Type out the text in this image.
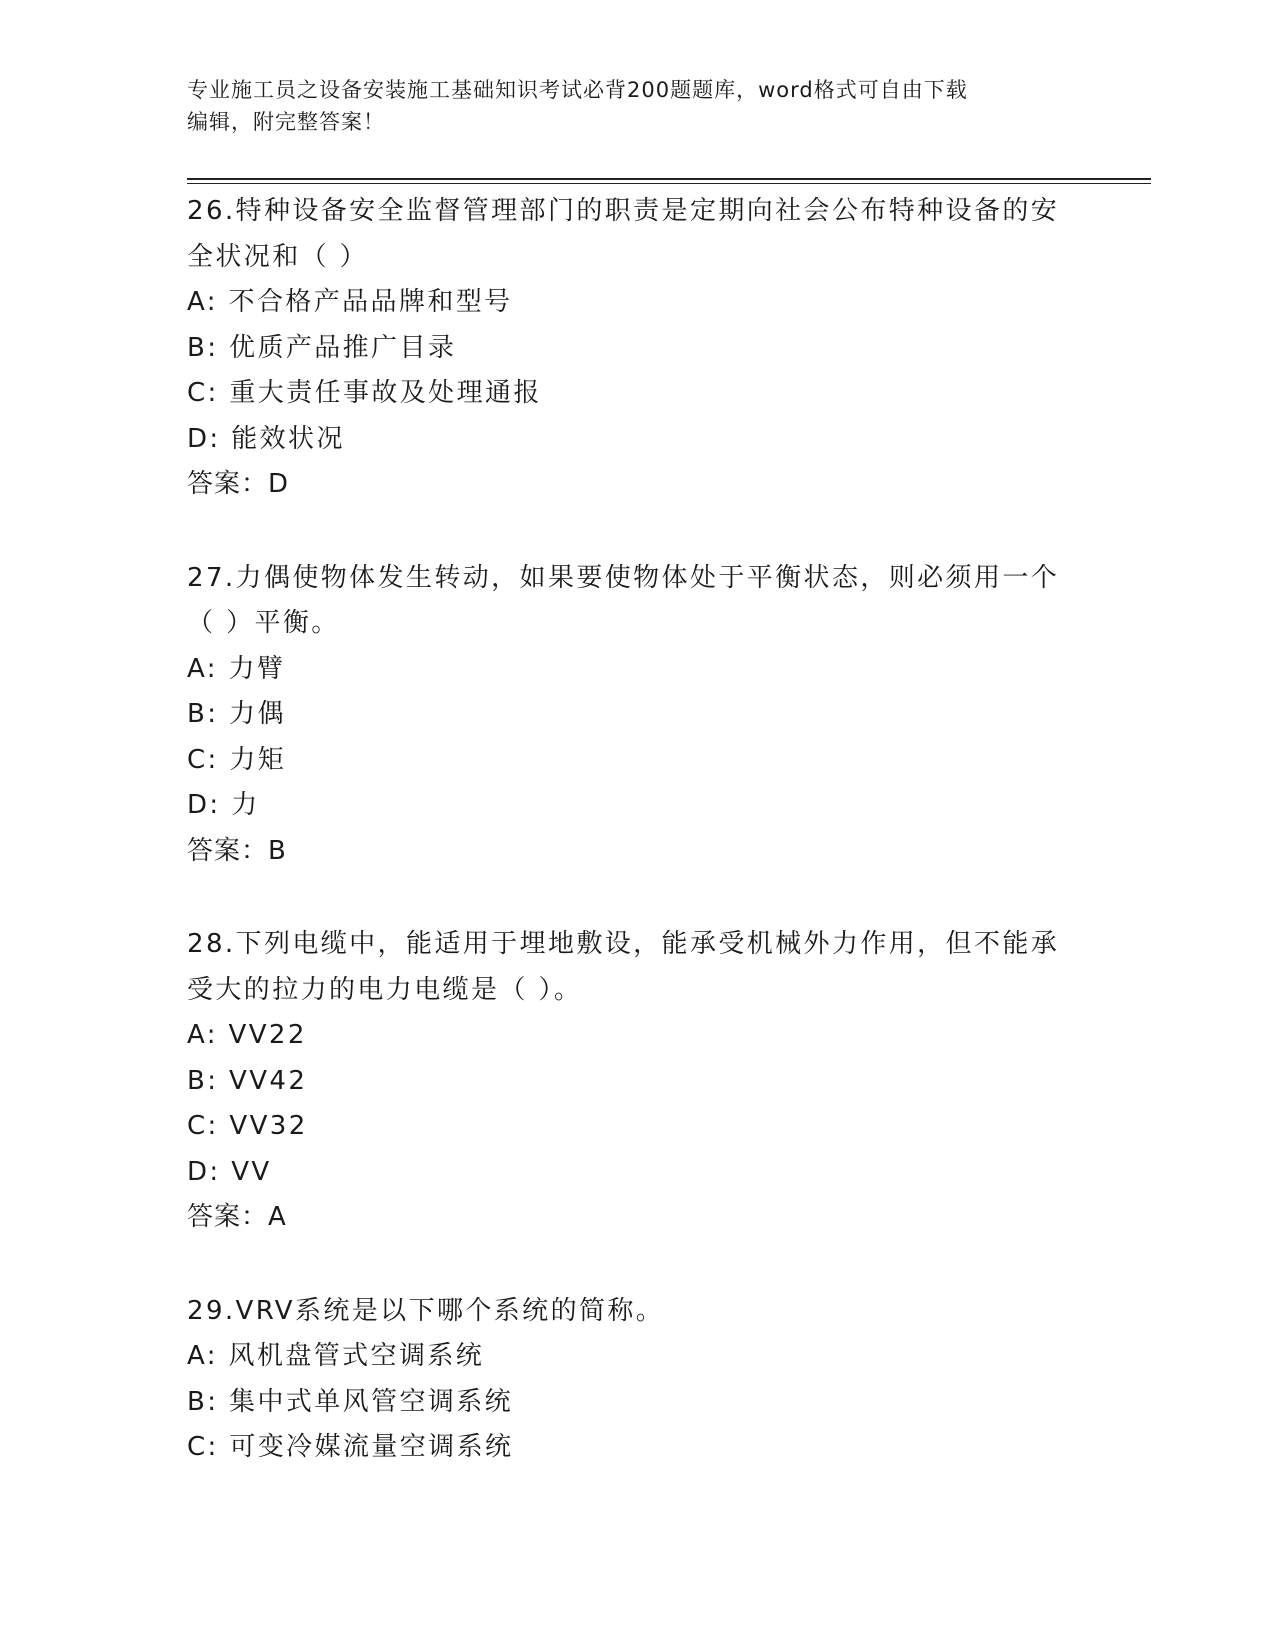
专业施工员之设备安装施工基础知识考试必背200题题库，word格式可自由下载
编辑，附完整答案！
26.特种设备安全监督管理部门的职责是定期向社会公布特种设备的安
全状况和（ ）
A: 不合格产品品牌和型号
B: 优质产品推广目录
C: 重大责任事故及处理通报
D: 能效状况
答案：D
27.力偶使物体发生转动，如果要使物体处于平衡状态，则必须用一个
（ ）平衡。
A: 力臂
B: 力偶
C: 力矩
D: 力
答案：B
28.下列电缆中，能适用于埋地敷设，能承受机械外力作用，但不能承
受大的拉力的电力电缆是（ ）。
A: VV22
B: VV42
C: VV32
D: VV
答案：A
29.VRV系统是以下哪个系统的简称。
A: 风机盘管式空调系统
B: 集中式单风管空调系统
C: 可变冷媒流量空调系统
